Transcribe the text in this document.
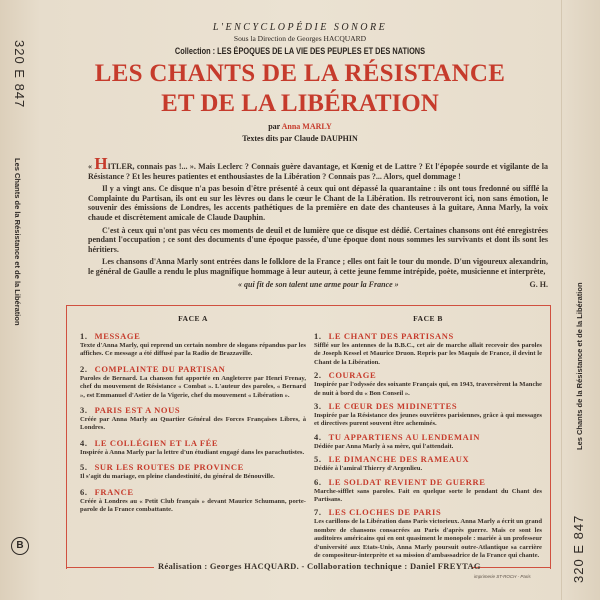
320 E 847
Les Chants de la Résistance et de la Libération
B
Les Chants de la Résistance et de la Libération
320 E 847
L'ENCYCLOPÉDIE SONORE
Sous la Direction de Georges HACQUARD
Collection : LES ÉPOQUES DE LA VIE DES PEUPLES ET DES NATIONS
LES CHANTS DE LA RÉSISTANCE
ET DE LA LIBÉRATION
par Anna MARLY
Textes dits par Claude DAUPHIN

« HITLER, connais pas !... ». Mais Leclerc ? Connais guère davantage, et Kœnig et de Lattre ? Et l'épopée sourde et vigilante de la Résistance ? Et les heures patientes et enthousiastes de la Libération ? Connais pas ?... Alors, quel dommage !

Il y a vingt ans. Ce disque n'a pas besoin d'être présenté à ceux qui ont dépassé la quarantaine : ils ont tous fredonné ou sifflé la Complainte du Partisan, ils ont eu sur les lèvres ou dans le cœur le Chant de la Libération. Ils retrouveront ici, non sans émotion, le souvenir des émissions de Londres, les accents pathétiques de la première en date des chanteuses à la guitare, Anna Marly, la voix chaude et discrètement amicale de Claude Dauphin.

C'est à ceux qui n'ont pas vécu ces moments de deuil et de lumière que ce disque est dédié. Certaines chansons ont été enregistrées pendant l'occupation ; ce sont des documents d'une époque passée, d'une époque dont nous sommes les survivants et dont ils sont les héritiers.

Les chansons d'Anna Marly sont entrées dans le folklore de la France ; elles ont fait le tour du monde. D'un vigoureux alexandrin, le général de Gaulle a rendu le plus magnifique hommage à leur auteur, à cette jeune femme intrépide, poète, musicienne et interprète,

« qui fit de son talent une arme pour la France »	G. H.
FACE A
1. MESSAGE
Texte d'Anna Marly, qui reprend un certain nombre de slogans répandus par les affiches. Ce message a été diffusé par la Radio de Brazzaville.
2. COMPLAINTE DU PARTISAN
Paroles de Bernard. La chanson fut apportée en Angleterre par Henri Frenay, chef du mouvement de Résistance « Combat ». L'auteur des paroles, « Bernard », est Emmanuel d'Astier de la Vigerie, chef du mouvement « Libération ».
3. PARIS EST A NOUS
Créée par Anna Marly au Quartier Général des Forces Françaises Libres, à Londres.
4. LE COLLÉGIEN ET LA FÉE
Inspirée à Anna Marly par la lettre d'un étudiant engagé dans les parachutistes.
5. SUR LES ROUTES DE PROVINCE
Il s'agit du mariage, en pleine clandestinité, du général de Bénouville.
6. FRANCE
Créée à Londres au « Petit Club français » devant Maurice Schumann, porte-parole de la France combattante.
FACE B
1. LE CHANT DES PARTISANS
Sifflé sur les antennes de la B.B.C., cet air de marche allait recevoir des paroles de Joseph Kessel et Maurice Druon. Repris par les Maquis de France, il devint le Chant de la Libération.
2. COURAGE
Inspirée par l'odyssée des soixante Français qui, en 1943, traversèrent la Manche de nuit à bord du « Bon Conseil ».
3. LE CŒUR DES MIDINETTES
Inspirée par la Résistance des jeunes ouvrières parisiennes, grâce à qui messages et directives purent souvent être acheminés.
4. TU APPARTIENS AU LENDEMAIN
Dédiée par Anna Marly à sa mère, qui l'attendait.
5. LE DIMANCHE DES RAMEAUX
Dédiée à l'amiral Thierry d'Argenlieu.
6. LE SOLDAT REVIENT DE GUERRE
Marche-sifflet sans paroles. Fait en quelque sorte le pendant du Chant des Partisans.
7. LES CLOCHES DE PARIS
Les carillons de la Libération dans Paris victorieux. Anna Marly a écrit un grand nombre de chansons consacrées au Paris d'après guerre. Mais ce sont les auditoires américains qui en ont quasiment le monopole : mariée à un professeur d'université aux Etats-Unis, Anna Marly poursuit outre-Atlantique sa carrière de compositeur-interprète et sa mission d'ambassadrice de la France qui chante.
Réalisation : Georges HACQUARD. - Collaboration technique : Daniel FREYTAG
imprimerie ST-ROCH - Paris
